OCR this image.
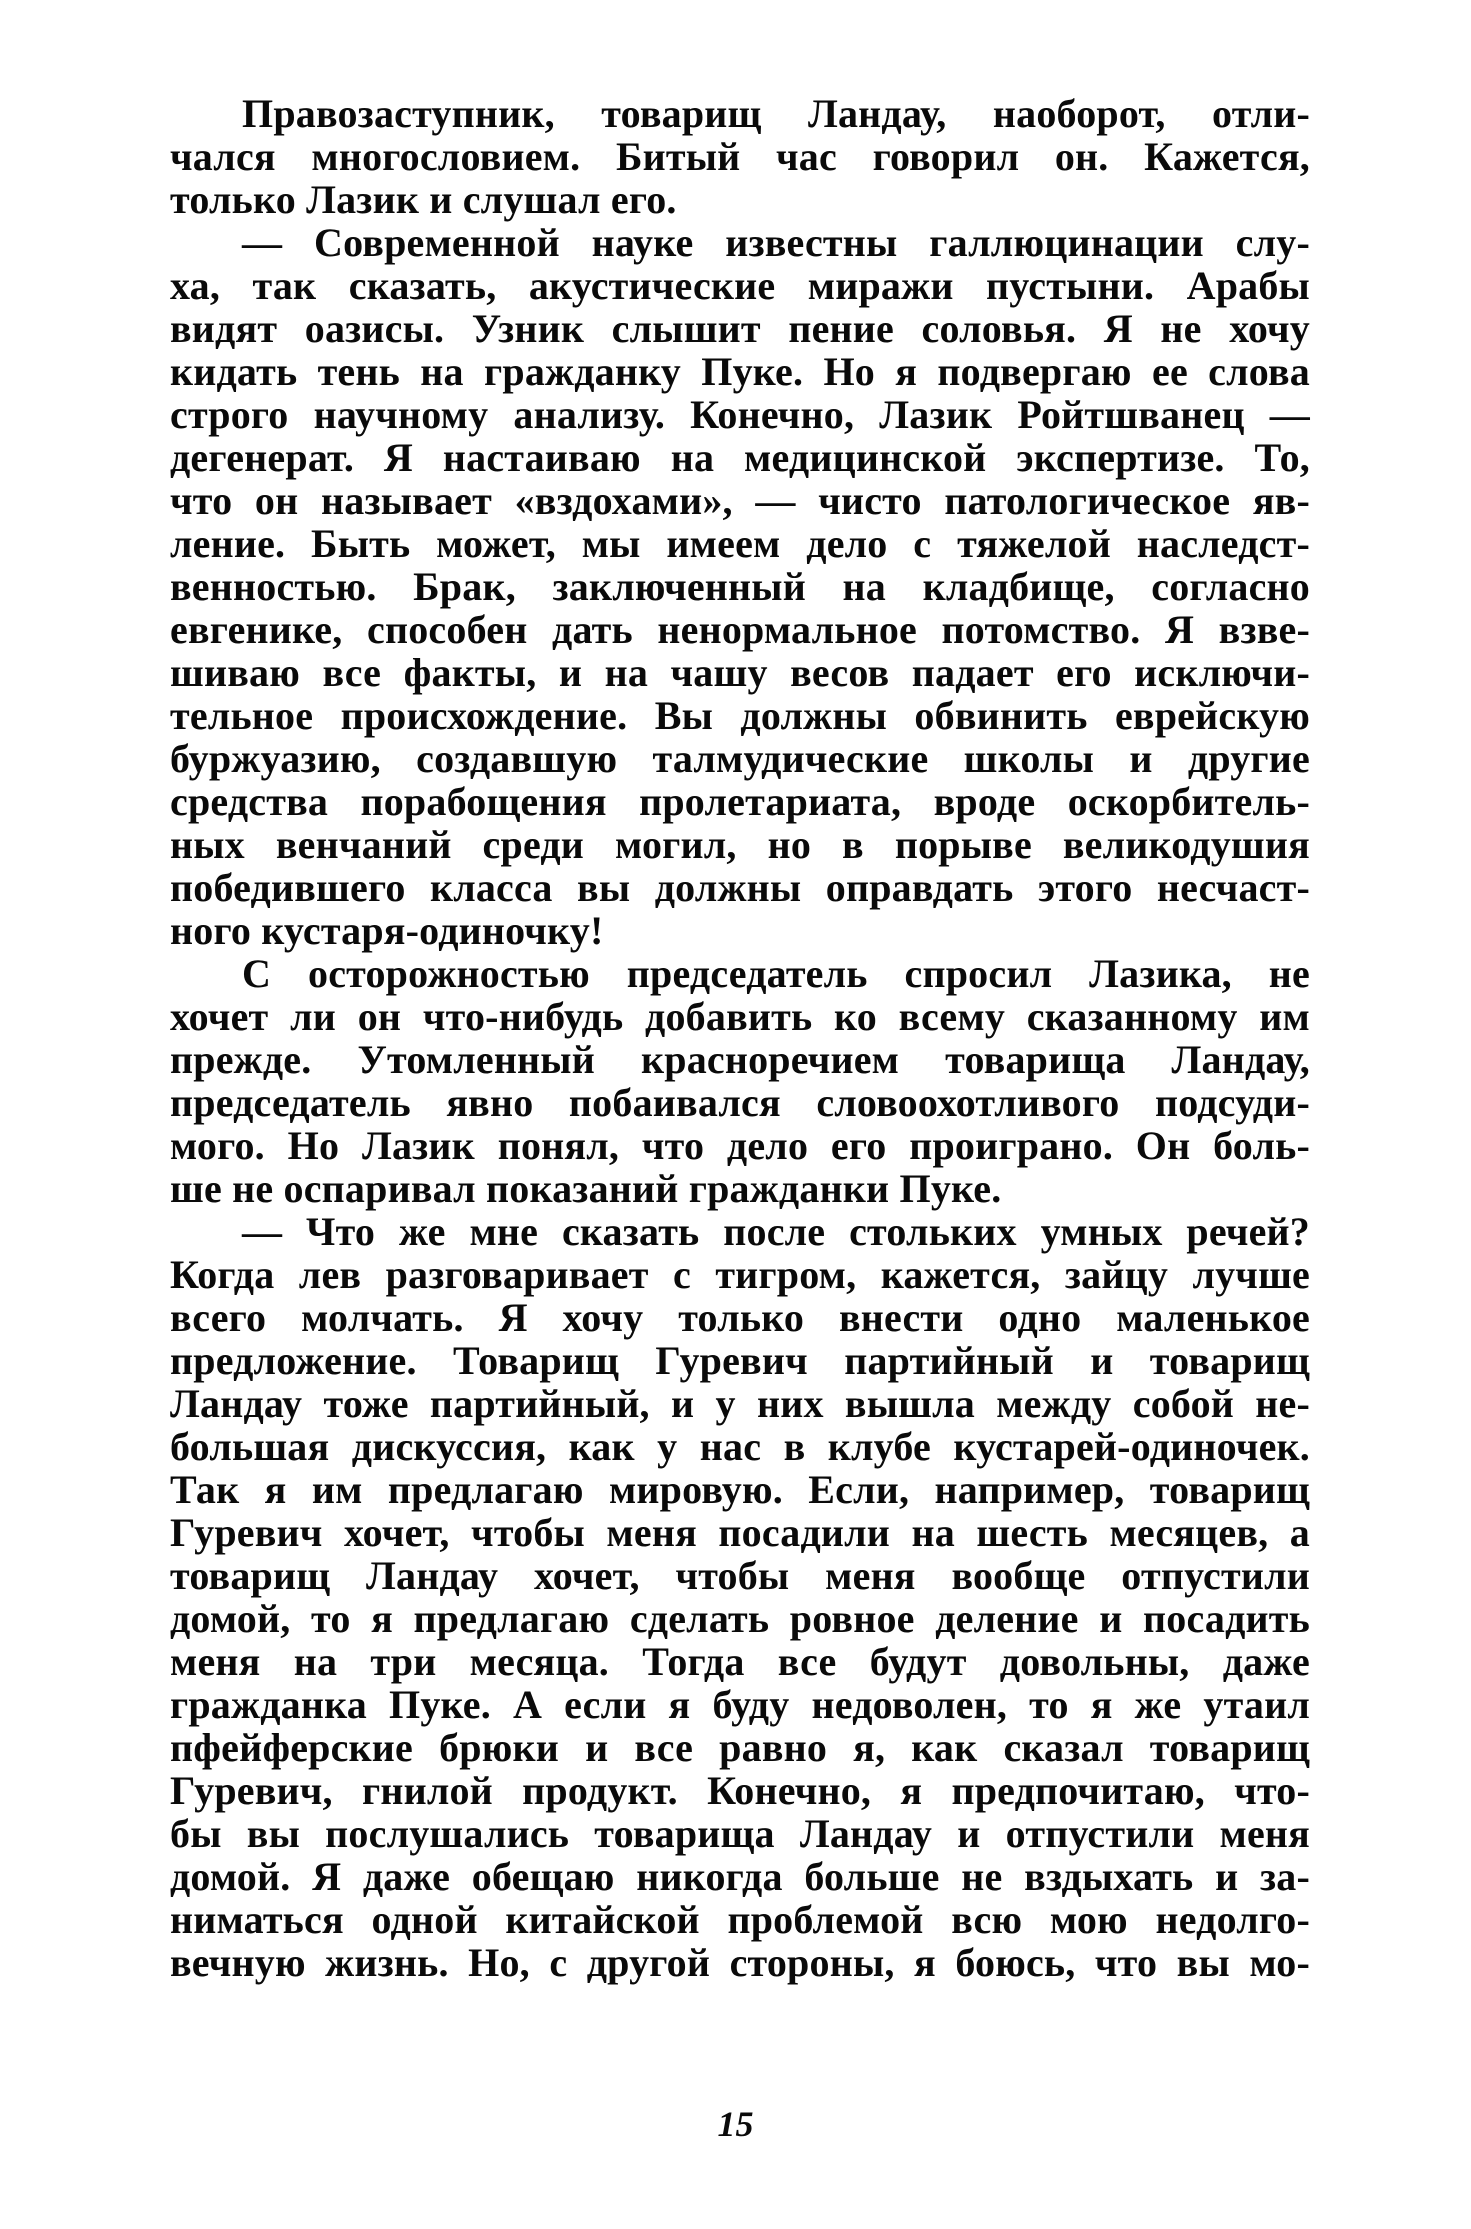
Правозаступник, товарищ Ландау, наоборот, отли-
чался многословием. Битый час говорил он. Кажется,
только Лазик и слушал его.
— Современной науке известны галлюцинации слу-
ха, так сказать, акустические миражи пустыни. Арабы
видят оазисы. Узник слышит пение соловья. Я не хочу
кидать тень на гражданку Пуке. Но я подвергаю ее слова
строго научному анализу. Конечно, Лазик Ройтшванец —
дегенерат. Я настаиваю на медицинской экспертизе. То,
что он называет «вздохами», — чисто патологическое яв-
ление. Быть может, мы имеем дело с тяжелой наследст-
венностью. Брак, заключенный на кладбище, согласно
евгенике, способен дать ненормальное потомство. Я взве-
шиваю все факты, и на чашу весов падает его исключи-
тельное происхождение. Вы должны обвинить еврейскую
буржуазию, создавшую талмудические школы и другие
средства порабощения пролетариата, вроде оскорбитель-
ных венчаний среди могил, но в порыве великодушия
победившего класса вы должны оправдать этого несчаст-
ного кустаря-одиночку!
С осторожностью председатель спросил Лазика, не
хочет ли он что-нибудь добавить ко всему сказанному им
прежде. Утомленный красноречием товарища Ландау,
председатель явно побаивался словоохотливого подсуди-
мого. Но Лазик понял, что дело его проиграно. Он боль-
ше не оспаривал показаний гражданки Пуке.
— Что же мне сказать после стольких умных речей?
Когда лев разговаривает с тигром, кажется, зайцу лучше
всего молчать. Я хочу только внести одно маленькое
предложение. Товарищ Гуревич партийный и товарищ
Ландау тоже партийный, и у них вышла между собой не-
большая дискуссия, как у нас в клубе кустарей-одиночек.
Так я им предлагаю мировую. Если, например, товарищ
Гуревич хочет, чтобы меня посадили на шесть месяцев, а
товарищ Ландау хочет, чтобы меня вообще отпустили
домой, то я предлагаю сделать ровное деление и посадить
меня на три месяца. Тогда все будут довольны, даже
гражданка Пуке. А если я буду недоволен, то я же утаил
пфейферские брюки и все равно я, как сказал товарищ
Гуревич, гнилой продукт. Конечно, я предпочитаю, что-
бы вы послушались товарища Ландау и отпустили меня
домой. Я даже обещаю никогда больше не вздыхать и за-
ниматься одной китайской проблемой всю мою недолго-
вечную жизнь. Но, с другой стороны, я боюсь, что вы мо-
15
